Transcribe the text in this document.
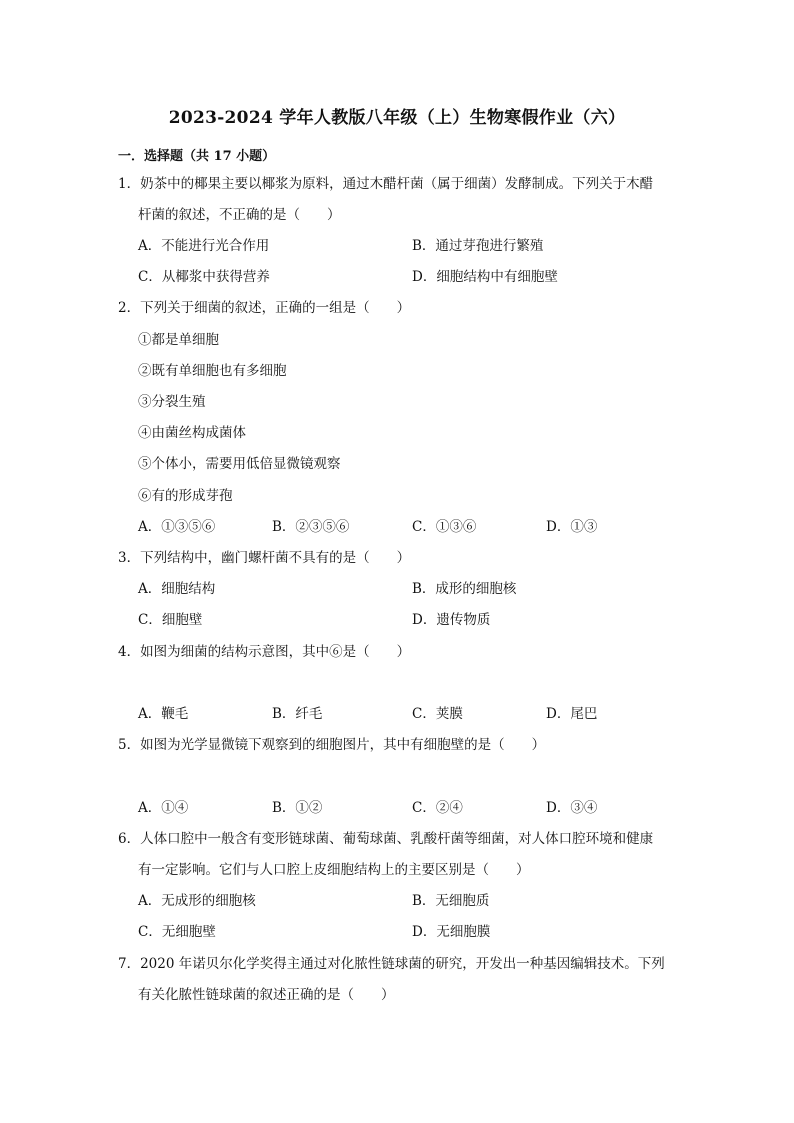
2023-2024 学年人教版八年级（上）生物寒假作业（六）
一．选择题（共 17 小题）
1．奶茶中的椰果主要以椰浆为原料，通过木醋杆菌（属于细菌）发酵制成。下列关于木醋
杆菌的叙述，不正确的是（　　）
A．不能进行光合作用	B．通过芽孢进行繁殖
C．从椰浆中获得营养	D．细胞结构中有细胞壁
2．下列关于细菌的叙述，正确的一组是（　　）
①都是单细胞
②既有单细胞也有多细胞
③分裂生殖
④由菌丝构成菌体
⑤个体小，需要用低倍显微镜观察
⑥有的形成芽孢
A．①③⑤⑥	B．②③⑤⑥	C．①③⑥	D．①③
3．下列结构中，幽门螺杆菌不具有的是（　　）
A．细胞结构	B．成形的细胞核
C．细胞壁	D．遗传物质
4．如图为细菌的结构示意图，其中⑥是（　　）
A．鞭毛	B．纤毛	C．荚膜	D．尾巴
5．如图为光学显微镜下观察到的细胞图片，其中有细胞壁的是（　　）
A．①④	B．①②	C．②④	D．③④
6．人体口腔中一般含有变形链球菌、葡萄球菌、乳酸杆菌等细菌，对人体口腔环境和健康
有一定影响。它们与人口腔上皮细胞结构上的主要区别是（　　）
A．无成形的细胞核	B．无细胞质
C．无细胞壁	D．无细胞膜
7．2020 年诺贝尔化学奖得主通过对化脓性链球菌的研究，开发出一种基因编辑技术。下列
有关化脓性链球菌的叙述正确的是（　　）
